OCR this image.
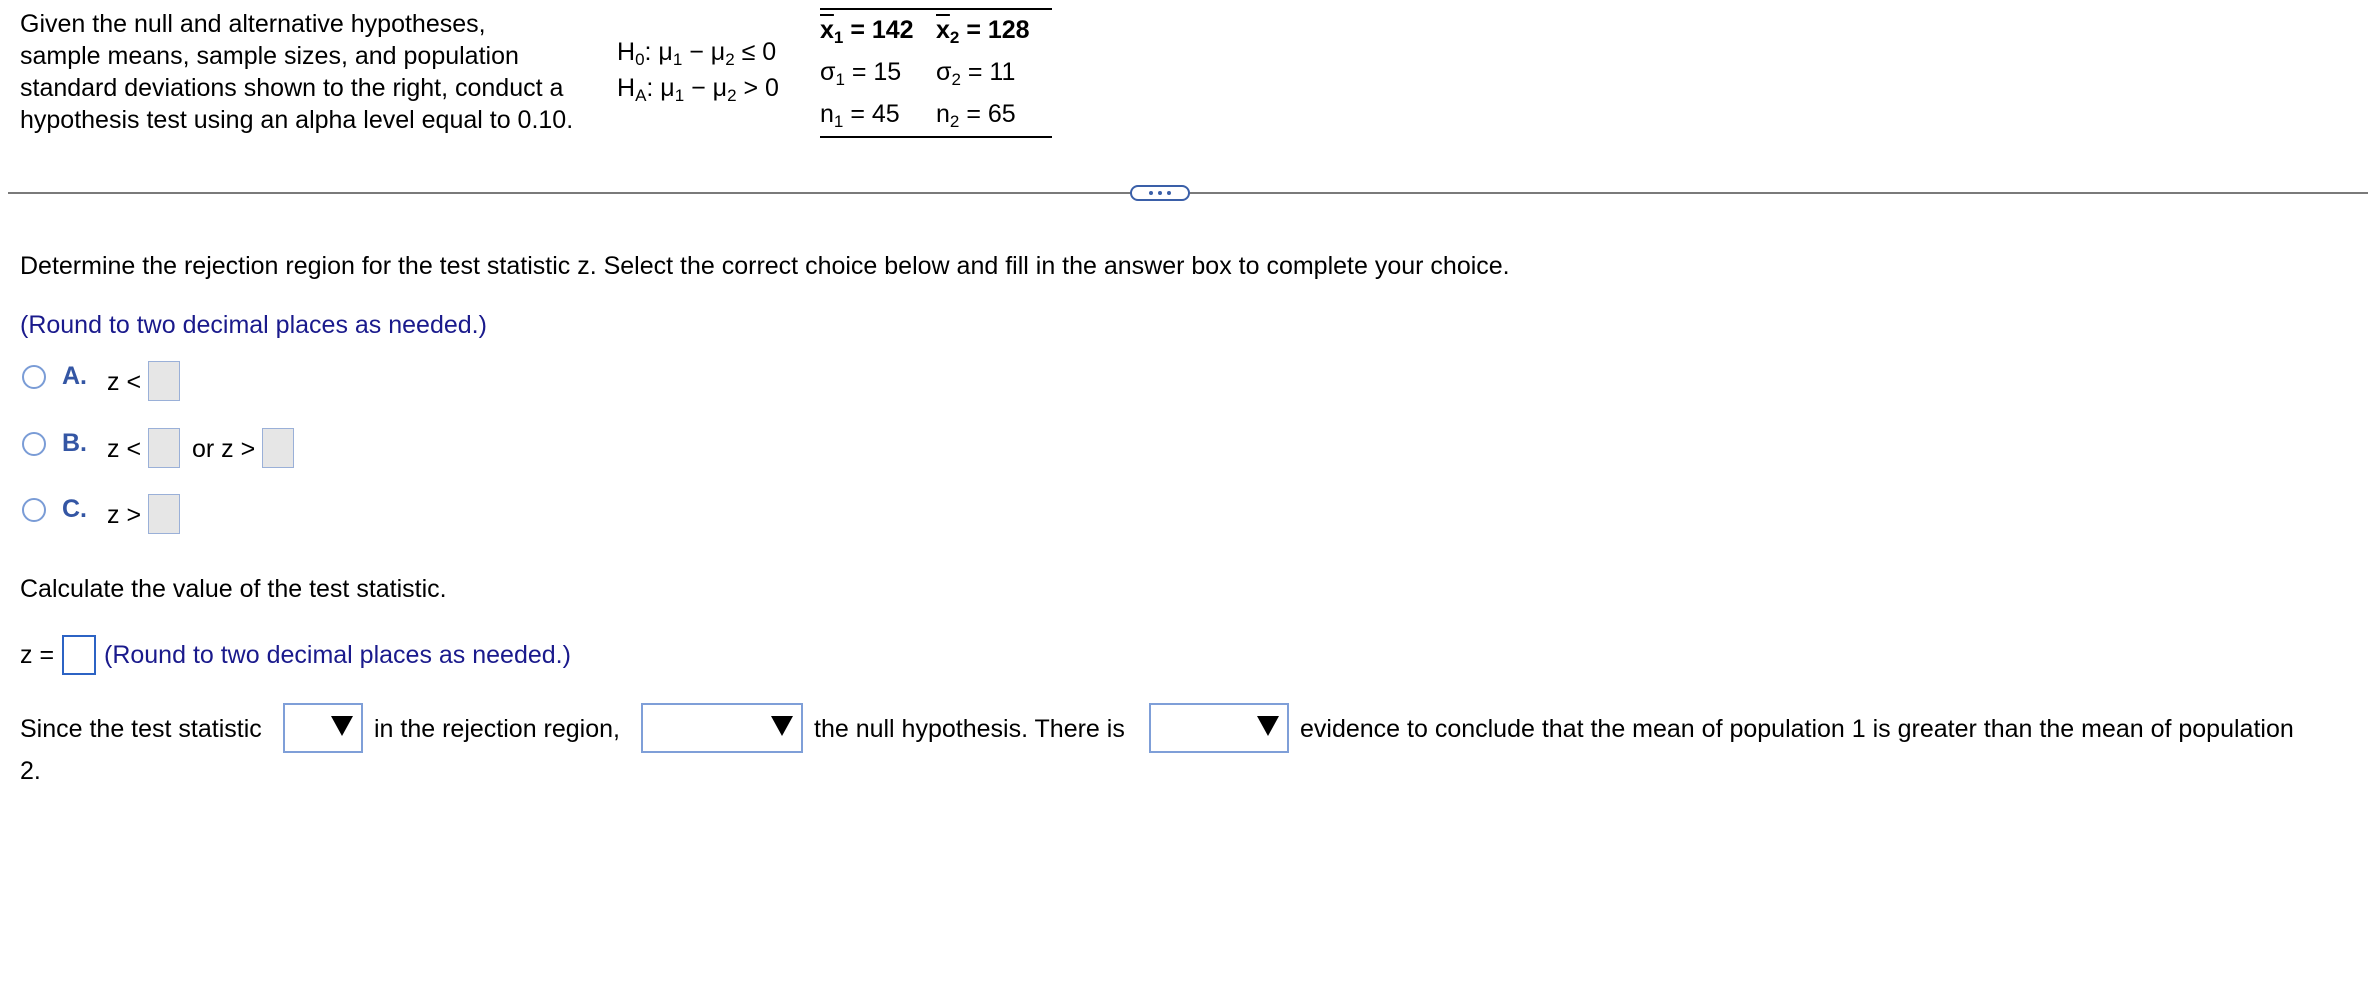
Given the null and alternative hypotheses,
sample means, sample sizes, and population
standard deviations shown to the right, conduct a
hypothesis test using an alpha level equal to 0.10.
$H_0$: $\mu_1 - \mu_2 \le 0$
$H_A$: $\mu_1 - \mu_2 > 0$
$\overline{x}_1 = 142$	$\overline{x}_2 = 128$
$\sigma_1 = 15$	$\sigma_2 = 11$
$n_1 = 45$	$n_2 = 65$
Determine the rejection region for the test statistic z. Select the correct choice below and fill in the answer box to complete your choice.
(Round to two decimal places as needed.)
A. z <
B. z < or z >
C. z >
Calculate the value of the test statistic.
z = (Round to two decimal places as needed.)
Since the test statistic	in the rejection region,	the null hypothesis. There is	evidence to conclude that the mean of population 1 is greater than the mean of population
2.
